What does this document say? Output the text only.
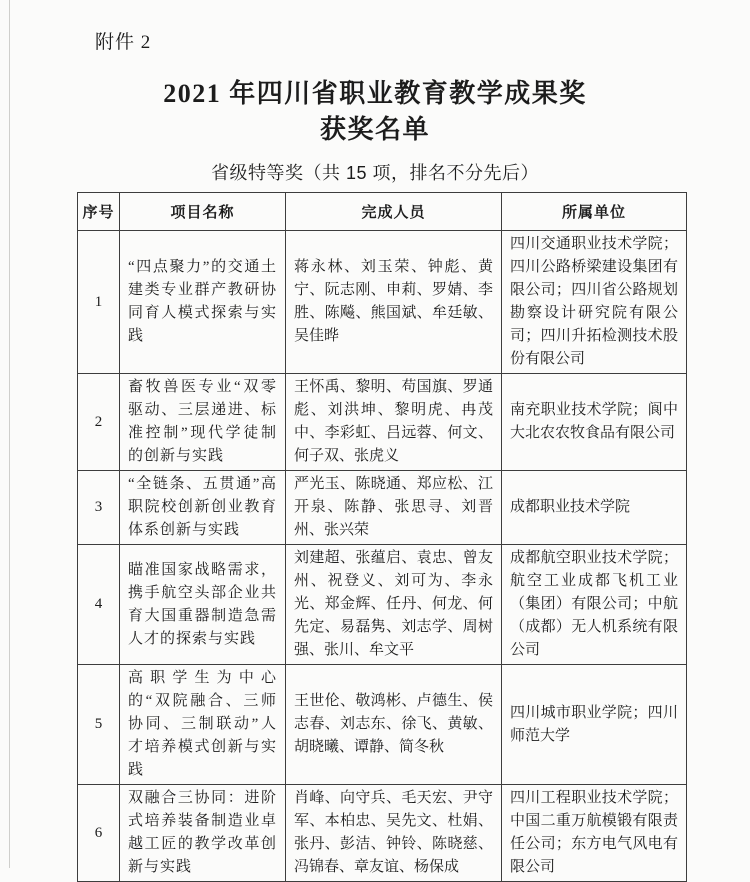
附件 2
2021 年四川省职业教育教学成果奖
获奖名单
省级特等奖（共 15 项，排名不分先后）
序号	项目名称	完成人员	所属单位
1	“四点聚力”的交通土建类专业群产教研协同育人模式探索与实践	蒋永林、刘玉荣、钟彪、黄宁、阮志刚、申莉、罗婧、李胜、陈飚、熊国斌、牟廷敏、吴佳晔	四川交通职业技术学院；四川公路桥梁建设集团有限公司；四川省公路规划勘察设计研究院有限公司；四川升拓检测技术股份有限公司
2	畜牧兽医专业“双零驱动、三层递进、标准控制”现代学徒制的创新与实践	王怀禹、黎明、苟国旗、罗通彪、刘洪坤、黎明虎、冉茂中、李彩虹、吕远蓉、何文、何子双、张虎义	南充职业技术学院；阆中大北农农牧食品有限公司
3	“全链条、五贯通”高职院校创新创业教育体系创新与实践	严光玉、陈晓通、郑应松、江开泉、陈静、张思寻、刘晋州、张兴荣	成都职业技术学院
4	瞄准国家战略需求，携手航空头部企业共育大国重器制造急需人才的探索与实践	刘建超、张蕴启、袁忠、曾友州、祝登义、刘可为、李永光、郑金辉、任丹、何龙、何先定、易磊隽、刘志学、周树强、张川、牟文平	成都航空职业技术学院；航空工业成都飞机工业（集团）有限公司；中航（成都）无人机系统有限公司
5	高职学生为中心的“双院融合、三师协同、三制联动”人才培养模式创新与实践	王世伦、敬鸿彬、卢德生、侯志春、刘志东、徐飞、黄敏、胡晓曦、谭静、简冬秋	四川城市职业学院；四川师范大学
6	双融合三协同：进阶式培养装备制造业卓越工匠的教学改革创新与实践	肖峰、向守兵、毛天宏、尹守军、本柏忠、吴先文、杜娟、张丹、彭洁、钟铃、陈晓慈、冯锦春、章友谊、杨保成	四川工程职业技术学院；中国二重万航模锻有限责任公司；东方电气风电有限公司
